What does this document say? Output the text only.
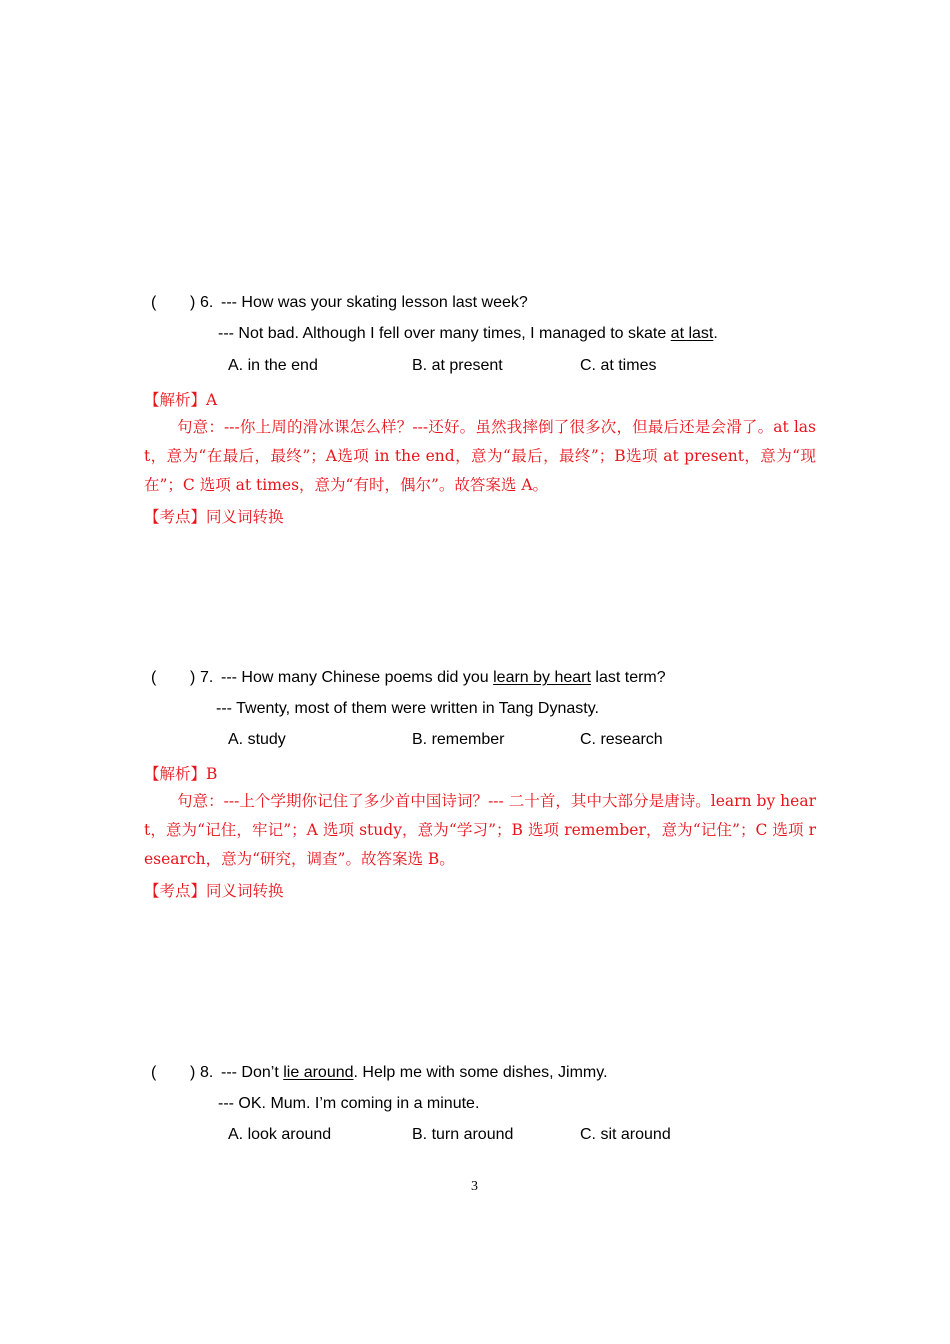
( ) 6. --- How was your skating lesson last week?
--- Not bad. Although I fell over many times, I managed to skate at last.
A. in the end	B. at present	C. at times
【解析】A
句意：---你上周的滑冰课怎么样？---还好。虽然我摔倒了很多次，但最后还是会滑了。at last，意为“在最后，最终”；A选项 in the end，意为“最后，最终”；B选项 at present，意为“现在”；C 选项 at times，意为“有时，偶尔”。故答案选 A。
【考点】同义词转换
( ) 7. --- How many Chinese poems did you learn by heart last term?
--- Twenty, most of them were written in Tang Dynasty.
A. study	B. remember	C. research
【解析】B
句意：---上个学期你记住了多少首中国诗词？--- 二十首，其中大部分是唐诗。learn by heart，意为“记住，牢记”；A 选项 study，意为“学习”；B 选项 remember，意为“记住”；C 选项 research，意为“研究，调查”。故答案选 B。
【考点】同义词转换
( ) 8. --- Don’t lie around. Help me with some dishes, Jimmy.
--- OK. Mum. I’m coming in a minute.
A. look around	B. turn around	C. sit around
3
